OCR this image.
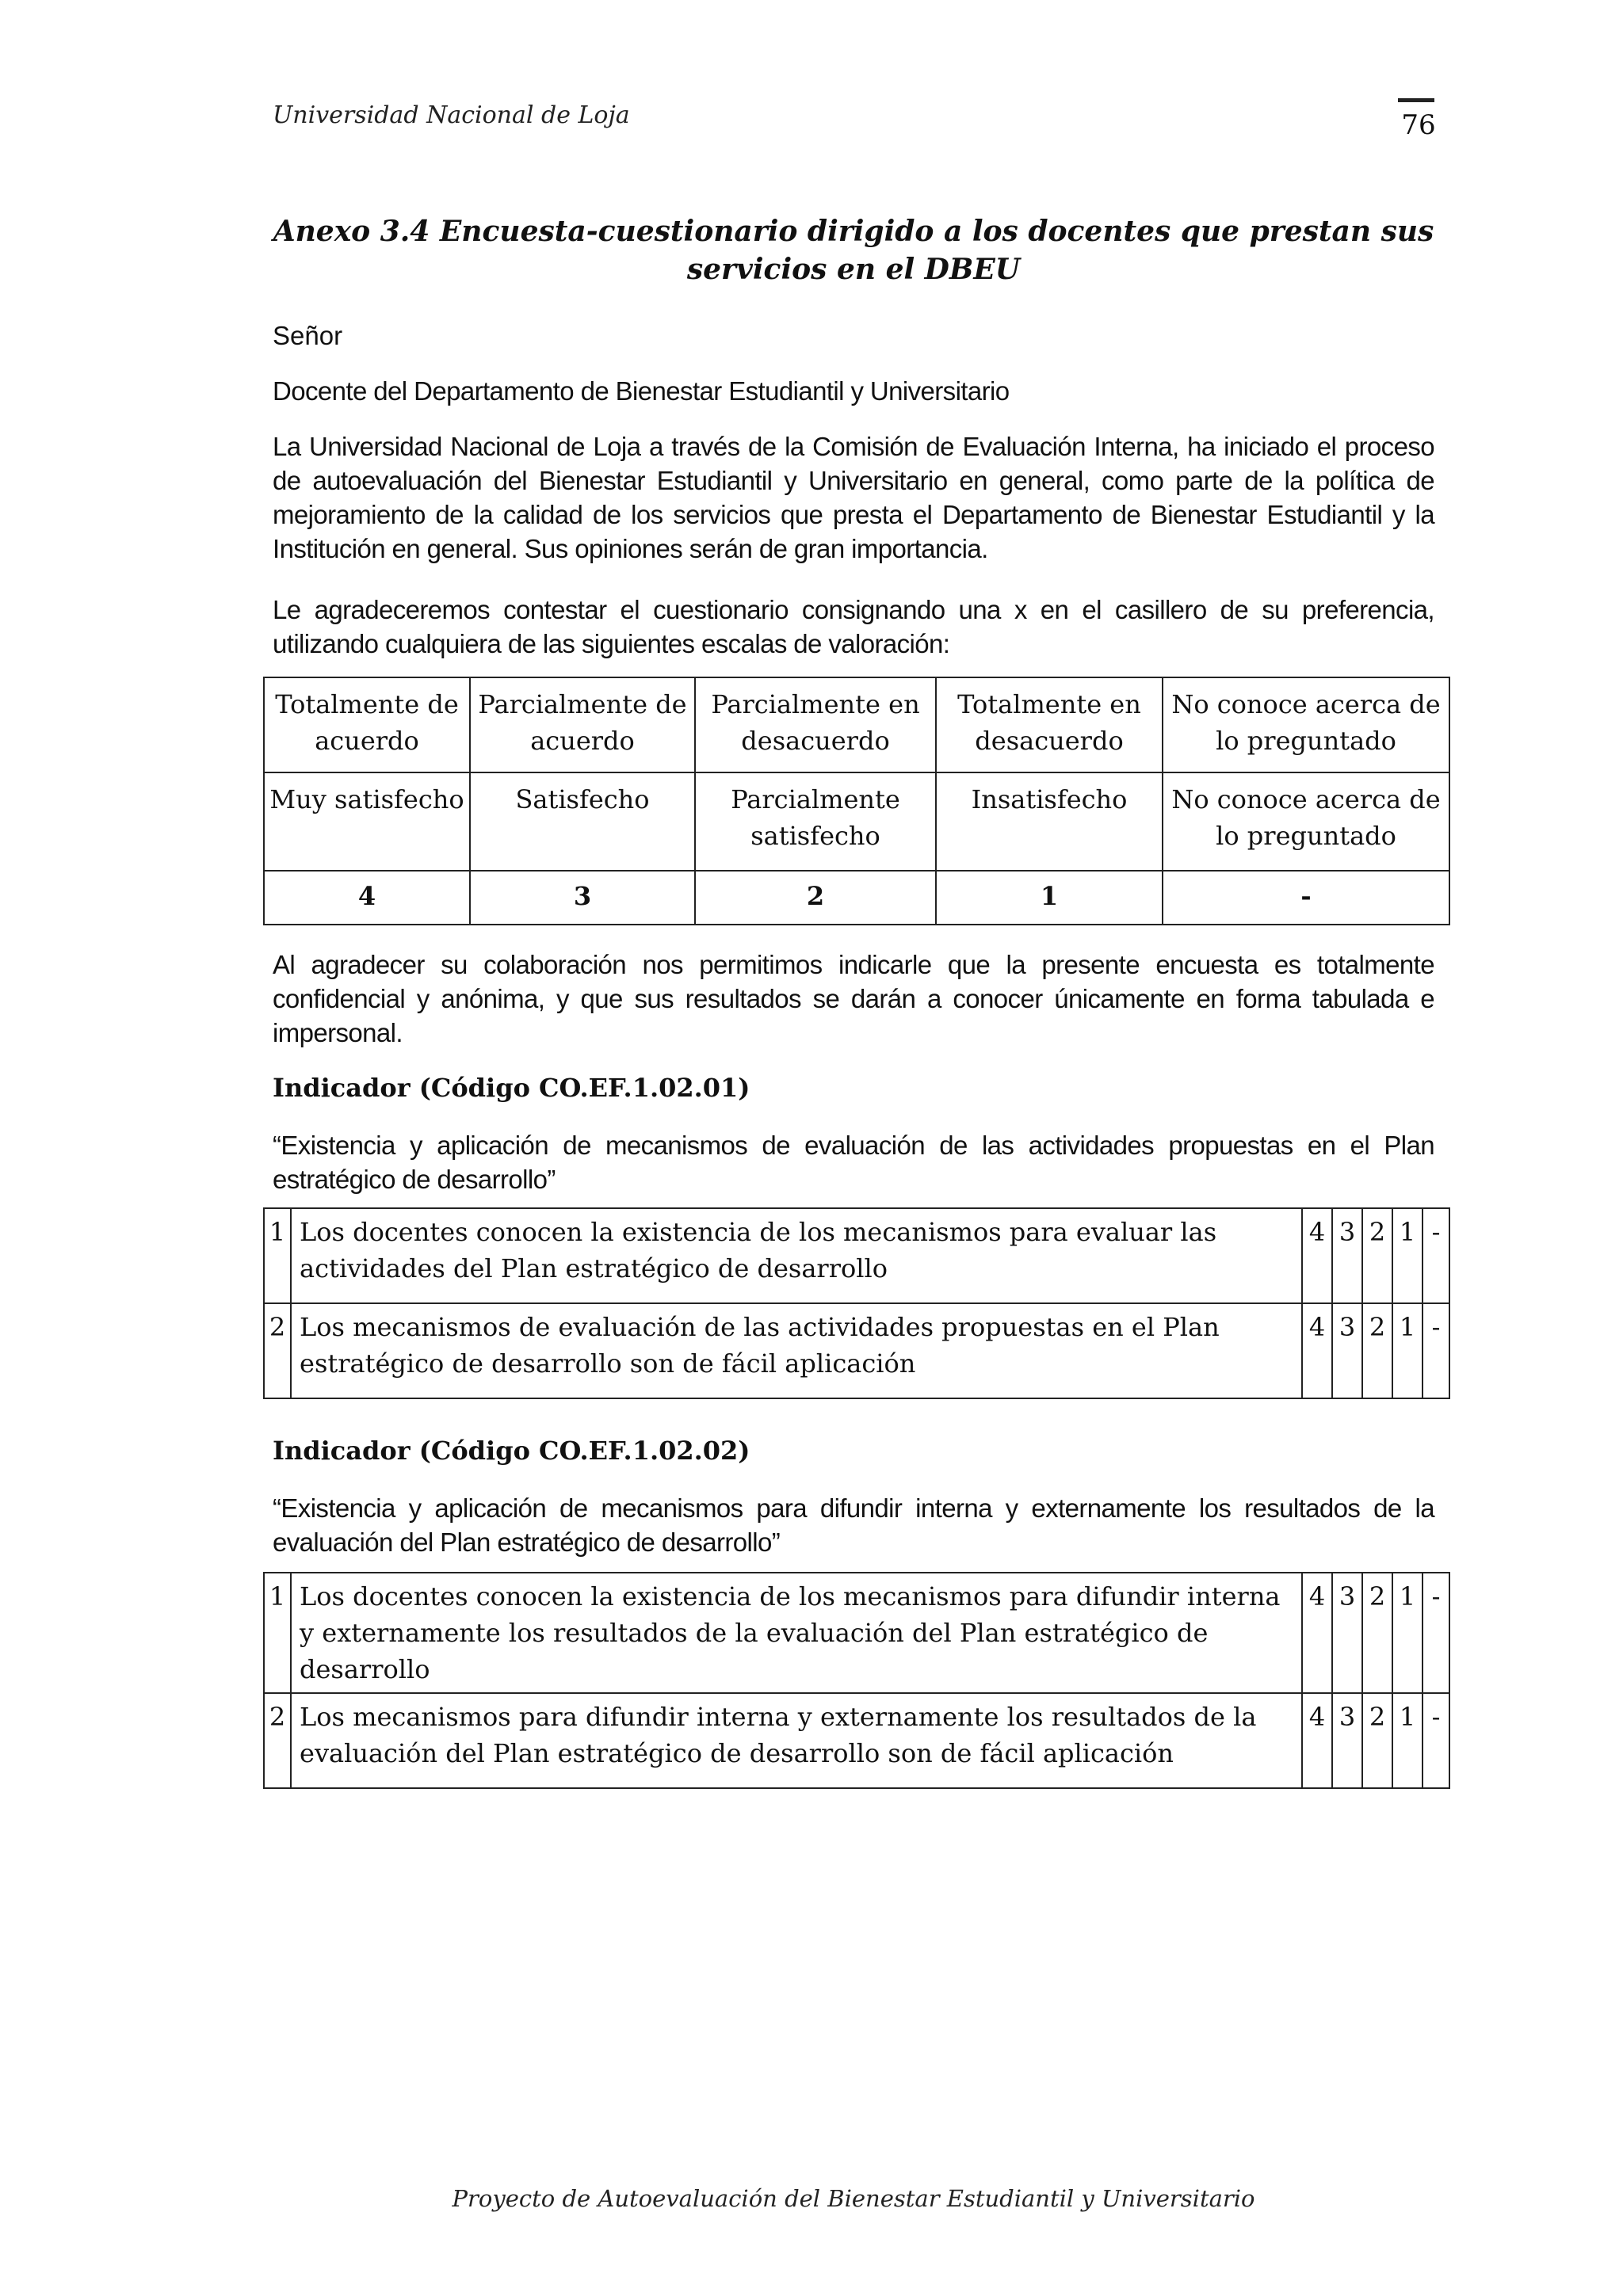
Universidad Nacional de Loja	76
Anexo 3.4 Encuesta-cuestionario dirigido a los docentes que prestan sus servicios en el DBEU
Señor
Docente del Departamento de Bienestar Estudiantil y Universitario
La Universidad Nacional de Loja a través de la Comisión de Evaluación Interna, ha iniciado el proceso de autoevaluación del Bienestar Estudiantil y Universitario en general, como parte de la política de mejoramiento de la calidad de los servicios que presta el Departamento de Bienestar Estudiantil y la Institución en general. Sus opiniones serán de gran importancia.
Le agradeceremos contestar el cuestionario consignando una x en el casillero de su preferencia, utilizando cualquiera de las siguientes escalas de valoración:
Totalmente de acuerdo	Parcialmente de acuerdo	Parcialmente en desacuerdo	Totalmente en desacuerdo	No conoce acerca de lo preguntado
Muy satisfecho	Satisfecho	Parcialmente satisfecho	Insatisfecho	No conoce acerca de lo preguntado
4	3	2	1	-
Al agradecer su colaboración nos permitimos indicarle que la presente encuesta es totalmente confidencial y anónima, y que sus resultados se darán a conocer únicamente en forma tabulada e impersonal.
Indicador (Código CO.EF.1.02.01)
“Existencia y aplicación de mecanismos de evaluación de las actividades propuestas en el Plan estratégico de desarrollo”
1	Los docentes conocen la existencia de los mecanismos para evaluar las actividades del Plan estratégico de desarrollo	4	3	2	1	-
2	Los mecanismos de evaluación de las actividades propuestas en el Plan estratégico de desarrollo son de fácil aplicación	4	3	2	1	-
Indicador (Código CO.EF.1.02.02)
“Existencia y aplicación de mecanismos para difundir interna y externamente los resultados de la evaluación del Plan estratégico de desarrollo”
1	Los docentes conocen la existencia de los mecanismos para difundir interna y externamente los resultados de la evaluación del Plan estratégico de desarrollo	4	3	2	1	-
2	Los mecanismos para difundir interna y externamente los resultados de la evaluación del Plan estratégico de desarrollo son de fácil aplicación	4	3	2	1	-
Proyecto de Autoevaluación del Bienestar Estudiantil y Universitario
